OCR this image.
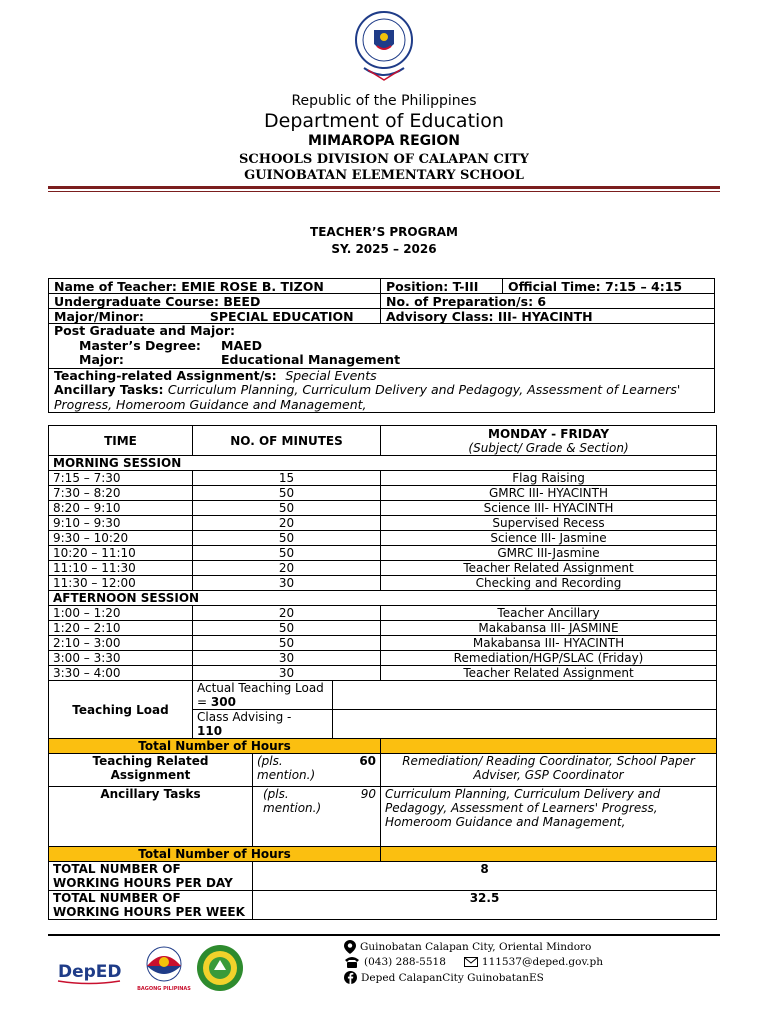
Republic of the Philippines
Department of Education
MIMAROPA REGION
SCHOOLS DIVISION OF CALAPAN CITY
GUINOBATAN ELEMENTARY SCHOOL
TEACHER’S PROGRAM
SY. 2025 – 2026
Name of Teacher: EMIE ROSE B. TIZON	Position: T-III	Official Time: 7:15 – 4:15
Undergraduate Course: BEED	No. of Preparation/s: 6
Major/Minor:	SPECIAL EDUCATION	Advisory Class: III- HYACINTH
Post Graduate and Major:
Master’s Degree: MAED
Major:	Educational Management
Teaching-related Assignment/s: Special Events
Ancillary Tasks: Curriculum Planning, Curriculum Delivery and Pedagogy, Assessment of Learners' Progress, Homeroom Guidance and Management,
TIME	NO. OF MINUTES			MONDAY - FRIDAY
(Subject/ Grade & Section)

MORNING SESSION				
7:15 – 7:30	15			Flag Raising
7:30 – 8:20	50			GMRC III- HYACINTH
8:20 – 9:10	50			Science III- HYACINTH
9:10 – 9:30	20			Supervised Recess
9:30 – 10:20	50			Science III- Jasmine
10:20 – 11:10	50			GMRC III-Jasmine
11:10 – 11:30	20			Teacher Related Assignment
11:30 – 12:00	30			Checking and Recording
AFTERNOON SESSION				
1:00 – 1:20	20			Teacher Ancillary
1:20 – 2:10	50			Makabansa III- JASMINE
2:10 – 3:00	50			Makabansa III- HYACINTH
3:00 – 3:30	30			Remediation/HGP/SLAC (Friday)
3:30 – 4:00	30			Teacher Related Assignment
Teaching Load	Actual Teaching Load = 300			
	Class Advising -
110			
Total Number of Hours				
Teaching Related Assignment		(pls. mention.)	60	Remediation/ Reading Coordinator, School Paper Adviser, GSP Coordinator
Ancillary Tasks		(pls. mention.)	90	Curriculum Planning, Curriculum Delivery and Pedagogy, Assessment of Learners' Progress, Homeroom Guidance and Management,
Total Number of Hours				
TOTAL NUMBER OF WORKING HOURS PER DAY		8		
TOTAL NUMBER OF WORKING HOURS PER WEEK		32.5		
DepED
BAGONG PILIPINAS
Guinobatan Calapan City, Oriental Mindoro
(043) 288-5518	111537@deped.gov.ph
Deped CalapanCity GuinobatanES
